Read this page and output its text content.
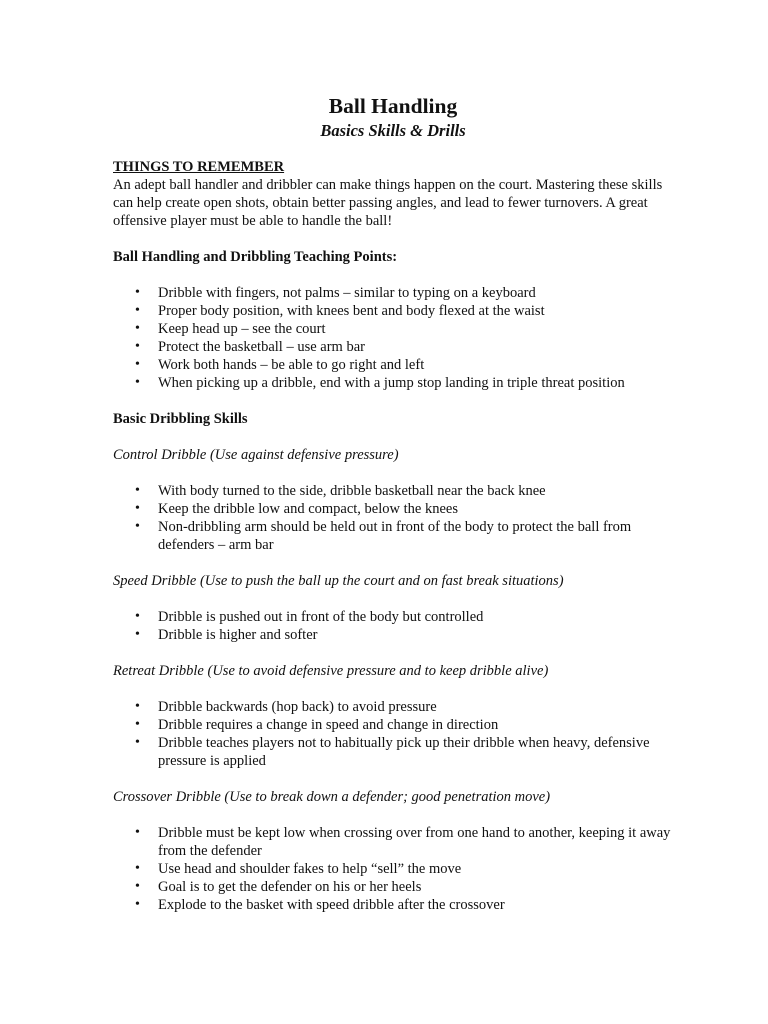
Ball Handling
Basics Skills & Drills
THINGS TO REMEMBER

An adept ball handler and dribbler can make things happen on the court. Mastering these skills can help create open shots, obtain better passing angles, and lead to fewer turnovers. A great offensive player must be able to handle the ball!

Ball Handling and Dribbling Teaching Points:
• Dribble with fingers, not palms – similar to typing on a keyboard
• Proper body position, with knees bent and body flexed at the waist
• Keep head up – see the court
• Protect the basketball – use arm bar
• Work both hands – be able to go right and left
• When picking up a dribble, end with a jump stop landing in triple threat position
Basic Dribbling Skills
Control Dribble (Use against defensive pressure)
• With body turned to the side, dribble basketball near the back knee
• Keep the dribble low and compact, below the knees
• Non-dribbling arm should be held out in front of the body to protect the ball from defenders – arm bar
Speed Dribble (Use to push the ball up the court and on fast break situations)
• Dribble is pushed out in front of the body but controlled
• Dribble is higher and softer
Retreat Dribble (Use to avoid defensive pressure and to keep dribble alive)
• Dribble backwards (hop back) to avoid pressure
• Dribble requires a change in speed and change in direction
• Dribble teaches players not to habitually pick up their dribble when heavy, defensive pressure is applied
Crossover Dribble (Use to break down a defender; good penetration move)
• Dribble must be kept low when crossing over from one hand to another, keeping it away from the defender
• Use head and shoulder fakes to help “sell” the move
• Goal is to get the defender on his or her heels
• Explode to the basket with speed dribble after the crossover
